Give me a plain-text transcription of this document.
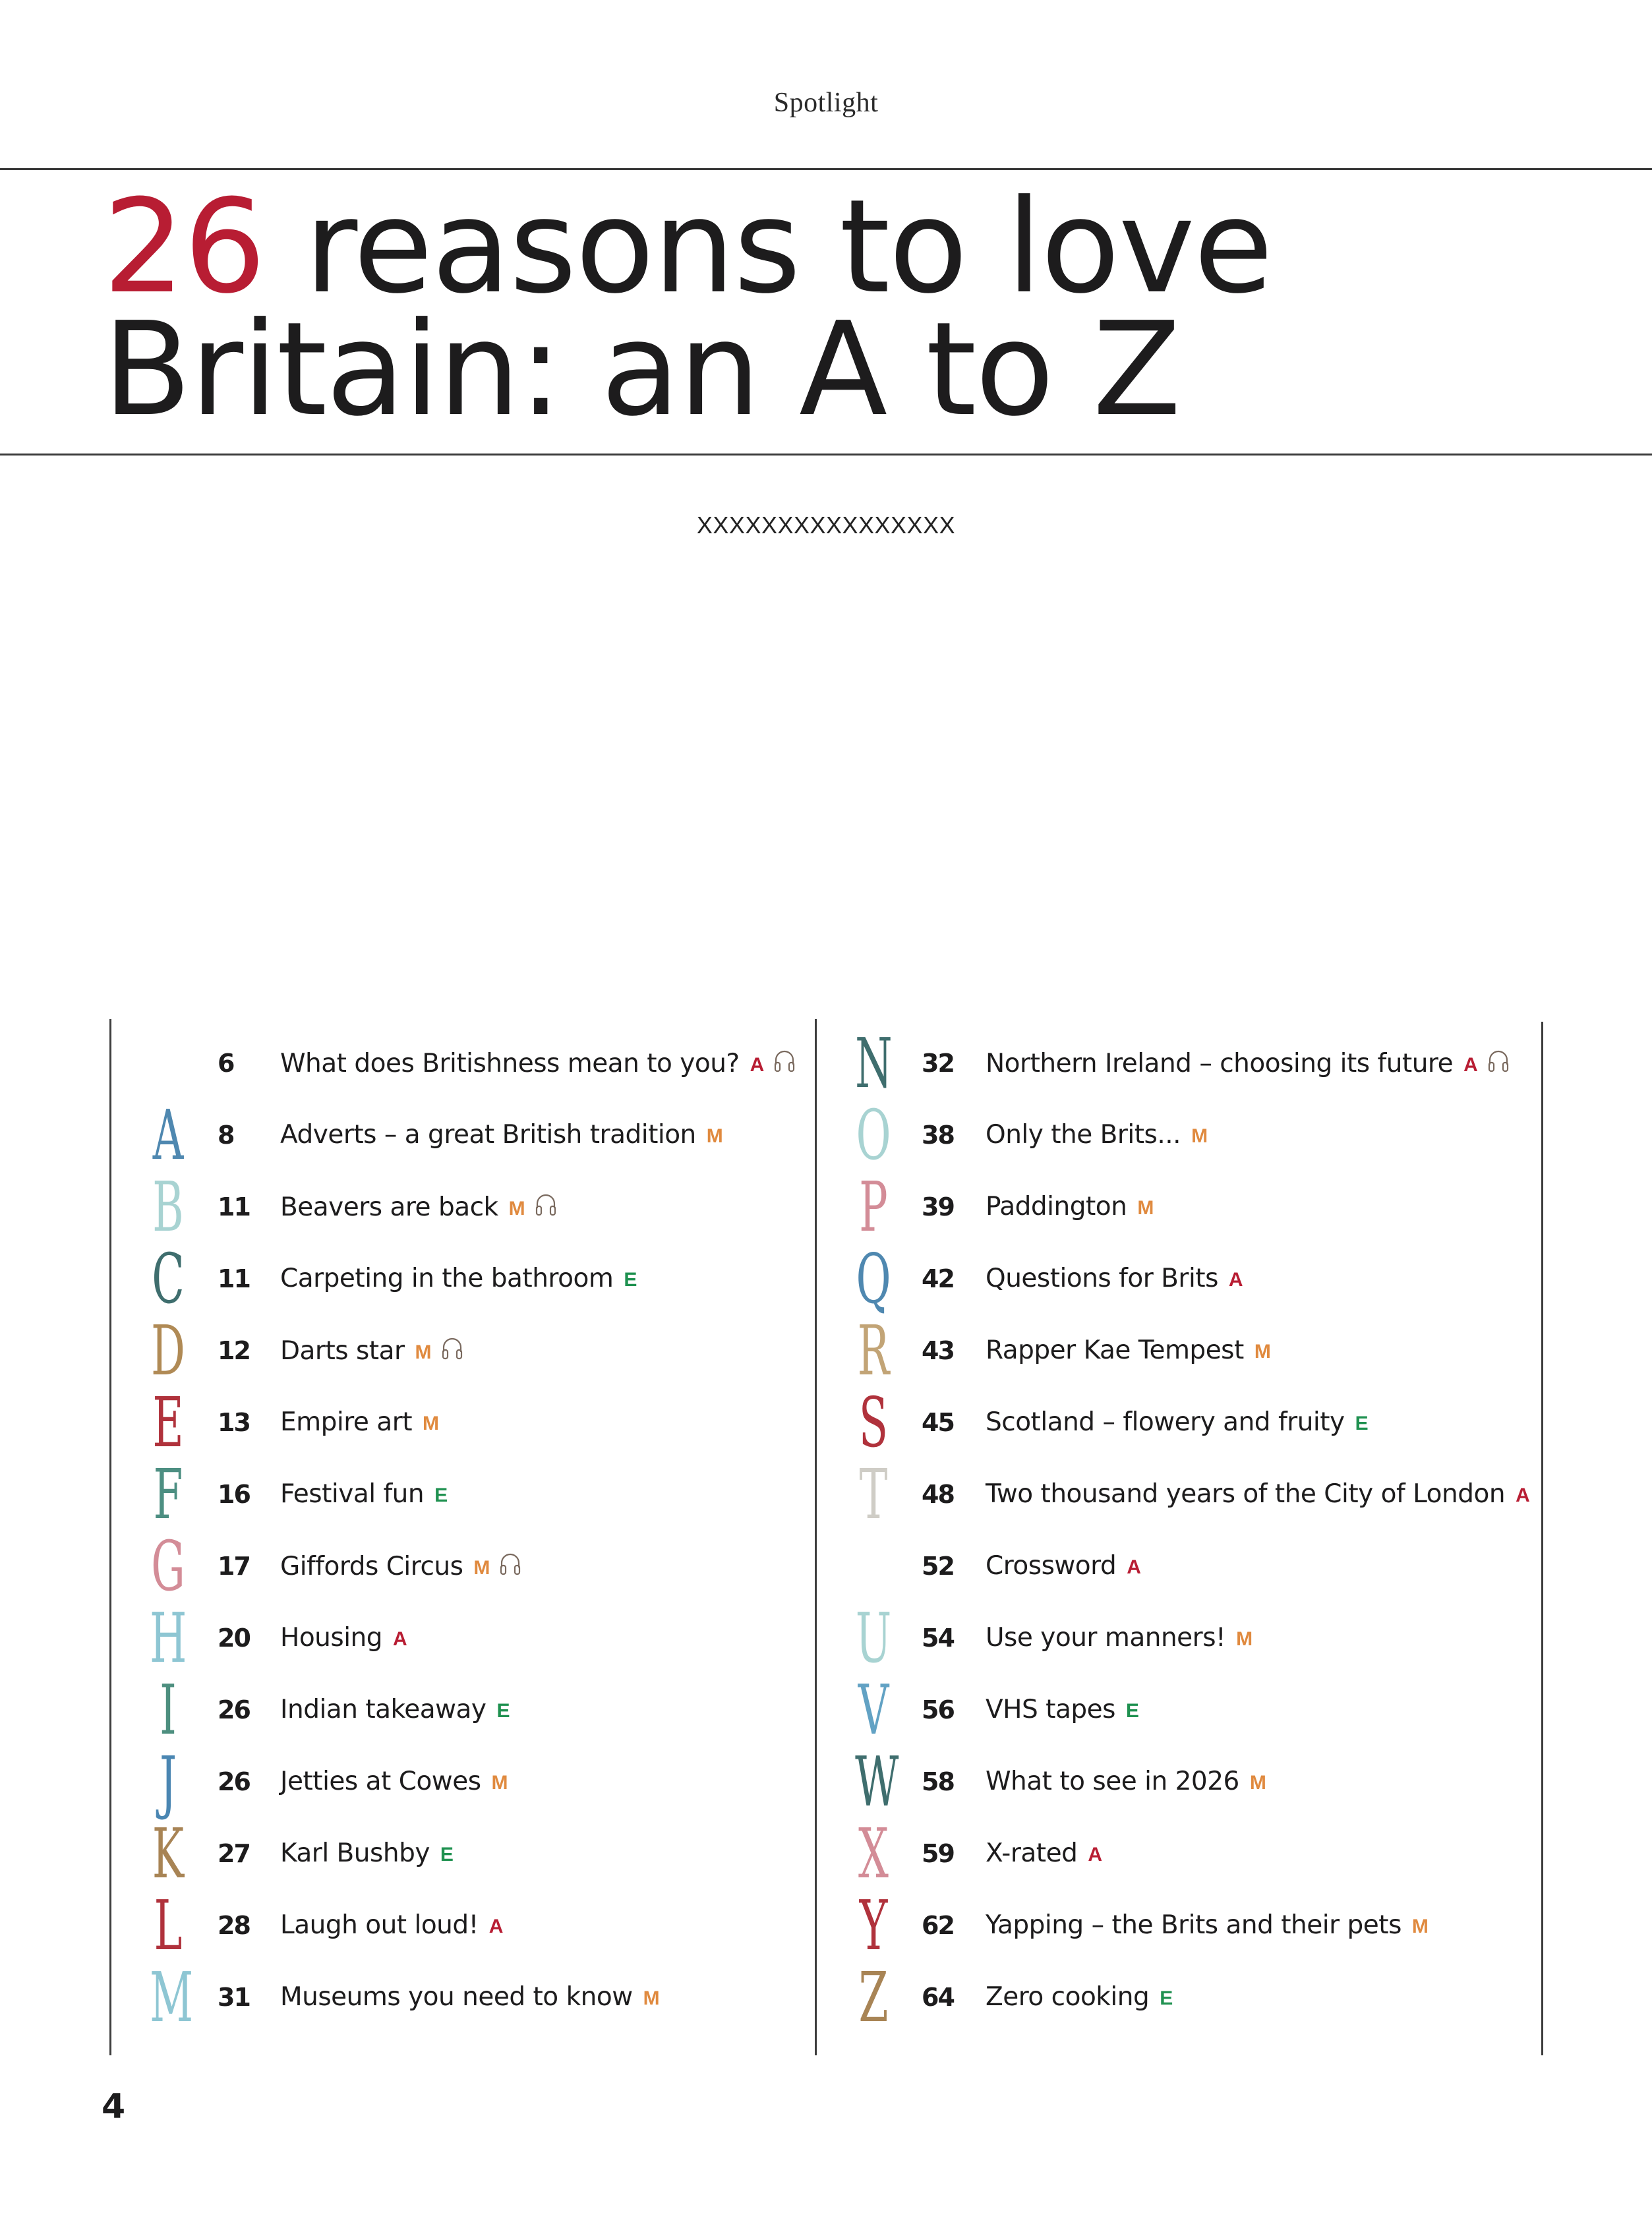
Spotlight
26 reasons to love
Britain: an A to Z
XXXXXXXXXXXXXXXX
6 What does Britishness mean to you? A
A 8 Adverts – a great British tradition M
B 11 Beavers are back M
C 11 Carpeting in the bathroom E
D 12 Darts star M
E 13 Empire art M
F 16 Festival fun E
G 17 Giffords Circus M
H 20 Housing A
I	26 Indian takeaway E
J	26 Jetties at Cowes M
K 27 Karl Bushby E
L 28 Laugh out loud! A
M 31 Museums you need to know M
N 32 Northern Ireland – choosing its future A
O 38 Only the Brits... M
P 39 Paddington M
Q 42 Questions for Brits A
R 43 Rapper Kae Tempest M
S 45 Scotland – flowery and fruity E
T 48 Two thousand years of the City of London A
52 Crossword A
U 54 Use your manners! M
V 56 VHS tapes E
W 58 What to see in 2026 M
X 59 X-rated A
Y 62 Yapping – the Brits and their pets M
Z 64 Zero cooking E
4
